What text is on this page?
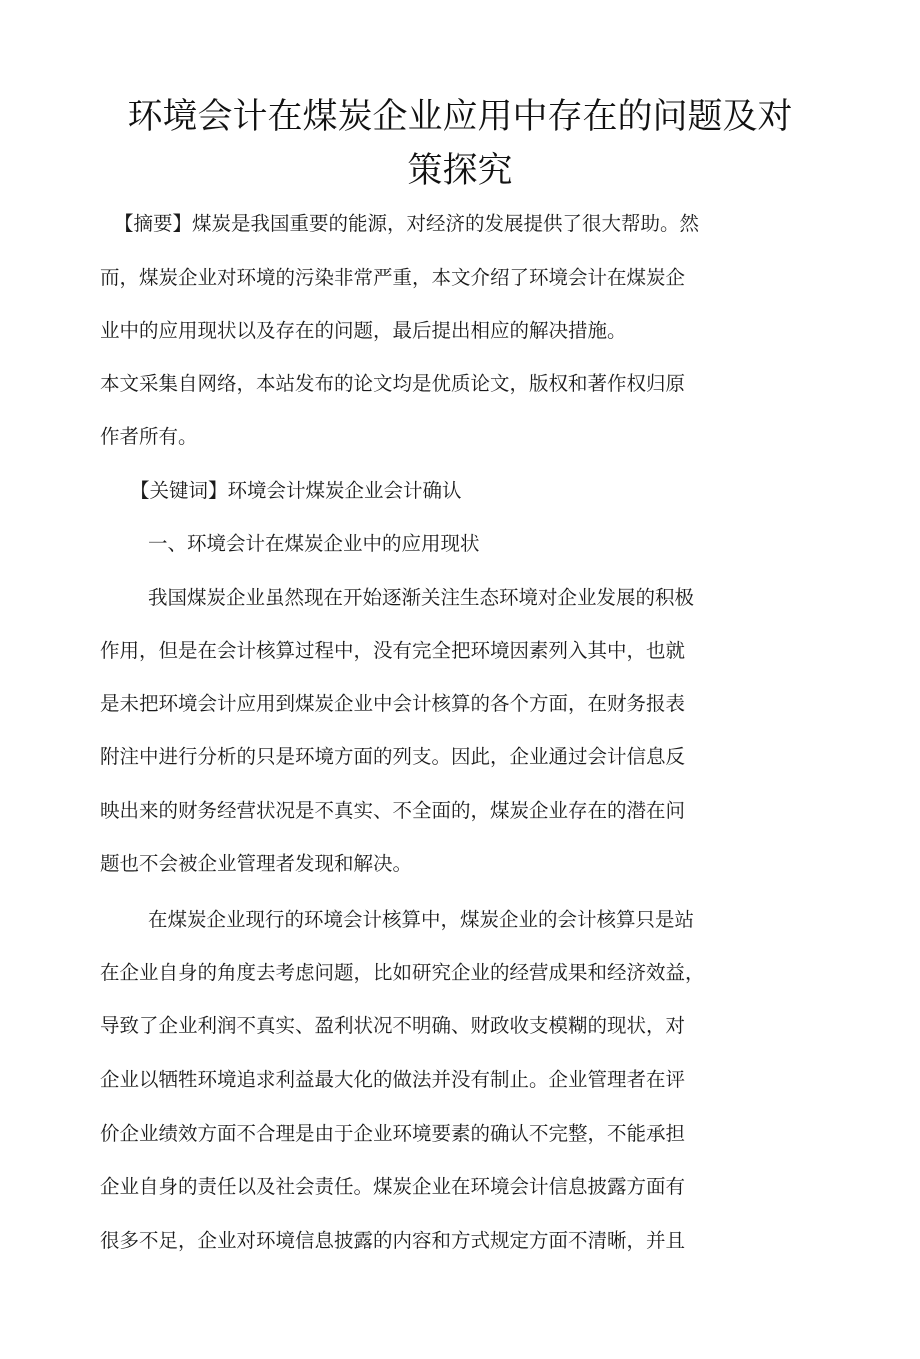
环境会计在煤炭企业应用中存在的问题及对
策探究
【摘要】煤炭是我国重要的能源，对经济的发展提供了很大帮助。然
而，煤炭企业对环境的污染非常严重，本文介绍了环境会计在煤炭企
业中的应用现状以及存在的问题，最后提出相应的解决措施。
本文采集自网络，本站发布的论文均是优质论文，版权和著作权归原
作者所有。
【关键词】环境会计煤炭企业会计确认
一、环境会计在煤炭企业中的应用现状
我国煤炭企业虽然现在开始逐渐关注生态环境对企业发展的积极
作用，但是在会计核算过程中，没有完全把环境因素列入其中，也就
是未把环境会计应用到煤炭企业中会计核算的各个方面，在财务报表
附注中进行分析的只是环境方面的列支。因此，企业通过会计信息反
映出来的财务经营状况是不真实、不全面的，煤炭企业存在的潜在问
题也不会被企业管理者发现和解决。
在煤炭企业现行的环境会计核算中，煤炭企业的会计核算只是站
在企业自身的角度去考虑问题，比如研究企业的经营成果和经济效益，
导致了企业利润不真实、盈利状况不明确、财政收支模糊的现状，对
企业以牺牲环境追求利益最大化的做法并没有制止。企业管理者在评
价企业绩效方面不合理是由于企业环境要素的确认不完整，不能承担
企业自身的责任以及社会责任。煤炭企业在环境会计信息披露方面有
很多不足，企业对环境信息披露的内容和方式规定方面不清晰，并且
